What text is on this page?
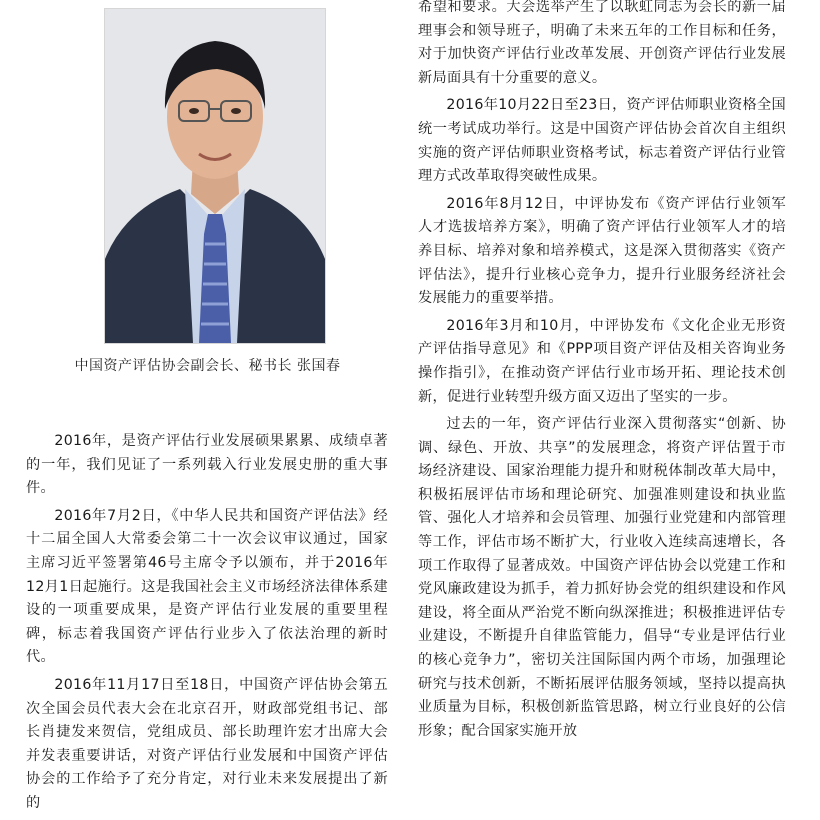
中国资产评估协会副会长、秘书长 张国春

2016年，是资产评估行业发展硕果累累、成绩卓著的一年，我们见证了一系列载入行业发展史册的重大事件。

2016年7月2日，《中华人民共和国资产评估法》经十二届全国人大常委会第二十一次会议审议通过，国家主席习近平签署第46号主席令予以颁布，并于2016年12月1日起施行。这是我国社会主义市场经济法律体系建设的一项重要成果，是资产评估行业发展的重要里程碑，标志着我国资产评估行业步入了依法治理的新时代。

2016年11月17日至18日，中国资产评估协会第五次全国会员代表大会在北京召开，财政部党组书记、部长肖捷发来贺信，党组成员、部长助理许宏才出席大会并发表重要讲话，对资产评估行业发展和中国资产评估协会的工作给予了充分肯定，对行业未来发展提出了新的

希望和要求。大会选举产生了以耿虹同志为会长的新一届理事会和领导班子，明确了未来五年的工作目标和任务，对于加快资产评估行业改革发展、开创资产评估行业发展新局面具有十分重要的意义。

2016年10月22日至23日，资产评估师职业资格全国统一考试成功举行。这是中国资产评估协会首次自主组织实施的资产评估师职业资格考试，标志着资产评估行业管理方式改革取得突破性成果。

2016年8月12日，中评协发布《资产评估行业领军人才选拔培养方案》，明确了资产评估行业领军人才的培养目标、培养对象和培养模式，这是深入贯彻落实《资产评估法》，提升行业核心竞争力，提升行业服务经济社会发展能力的重要举措。

2016年3月和10月，中评协发布《文化企业无形资产评估指导意见》和《PPP项目资产评估及相关咨询业务操作指引》，在推动资产评估行业市场开拓、理论技术创新，促进行业转型升级方面又迈出了坚实的一步。

过去的一年，资产评估行业深入贯彻落实“创新、协调、绿色、开放、共享”的发展理念，将资产评估置于市场经济建设、国家治理能力提升和财税体制改革大局中，积极拓展评估市场和理论研究、加强准则建设和执业监管、强化人才培养和会员管理、加强行业党建和内部管理等工作，评估市场不断扩大，行业收入连续高速增长，各项工作取得了显著成效。中国资产评估协会以党建工作和党风廉政建设为抓手，着力抓好协会党的组织建设和作风建设，将全面从严治党不断向纵深推进；积极推进评估专业建设，不断提升自律监管能力，倡导“专业是评估行业的核心竞争力”，密切关注国际国内两个市场，加强理论研究与技术创新，不断拓展评估服务领域，坚持以提高执业质量为目标，积极创新监管思路，树立行业良好的公信形象；配合国家实施开放
